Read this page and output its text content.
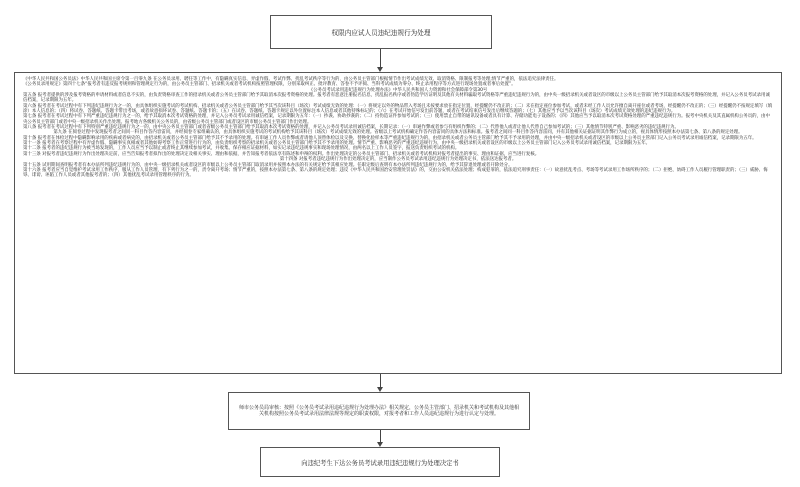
权限内应试人员违纪违规行为处理

《中华人民共和国公务员法》中华人民共和国主席令第一百零九条 在公务员录用、聘任等工作中，有隐瞒真实信息、弄虚作假、考试作弊、扰乱考试秩序等行为的，由公务员主管部门根据情节作出考试成绩无效、取消资格、限制报考等处理;情节严重的，依法追究法律责任。

《公务员录用规定》第四十七条“报考者有违反报考规则和管理规定行为的，由公务员主管部门、招录机关或者考试机构按照管理权限，分别采取纠正、批评教育、答卷不予评阅、当科考试成绩为零分、终止录用程序等方式进行现场处置或者事后处置”。

《公务员考试录用违纪违规行为处理办法》中华人民共和国人力资源和社会保障部令第30号

第五条 报考者提供的涉及报考资格的申请材料或者信息不实的，由负责资格审查工作的招录机关或者公务员主管部门给予其取消本次报考资格的处理。报考者有恶意注册报名信息，扰乱报名秩序或者伪造学历证明及其他有关材料骗取考试资格等严重违纪违规行为的，由中央一级招录机关或者设区的市级以上公务员主管部门给予其取消本次报考资格的处理，并记入公务员考试录用诚信档案，记录期限为五年。

第六条 报考者在考试过程中有下列违纪违规行为之一的，由具体组织实施考试的考试机构、招录机关或者公务员主管部门给予其当次该科目（场次）考试成绩无效的处理：（一）将规定以外的物品带入考场且未按要求放在指定位置，经提醒仍不改正的；（二）未在指定座位参加考试，或者未经工作人员允许擅自离开座位或者考场，经提醒仍不改正的；（三）经提醒仍不按规定填写（填涂）本人信息的；（四）将试卷、答题纸、答题卡带出考场，或者故意损坏试卷、答题纸、答题卡的；（五）在试卷、答题纸、答题卡规定以外位置标注本人信息或者其他特殊标记的；（六）在考试开始信号发出前答题，或者在考试结束信号发出后继续答题的；（七）其他应当予以当次该科目（场次）考试成绩无效处理的违纪违规行为。

第七条 报考者在考试过程中有下列严重违纪违规行为之一的，给予其取消本次考试资格的处理，并记入公务员考试录用诚信档案，记录期限为五年：（一）抄袭、协助抄袭的；（二）持伪造证件参加考试的；（三）使用禁止自带的通讯设备或者具有计算、存储功能电子设备的；（四）其他应当予以取消本次考试资格处理的严重违纪违规行为。报考中央机关及其直属机构公务员的，由中央公务员主管部门或者中央一级招录机关作出处理。报考地方各级机关公务员的，由省级公务员主管部门或者设区的市级公务员主管部门作出处理。

第八条 报考者在考试过程中有下列特别严重违纪违规行为之一的，由中央公务员主管部门或者省级公务员主管部门给予其取消本次考试资格的处理，并记入公务员考试录用诚信档案，长期记录：（一）串通作弊或者参与有组织作弊的；（二）代替他人或者让他人代替自己参加考试的；（三）其他情节特别严重、影响恶劣的违纪违规行为。

第九条 在阅卷过程中发现报考者之间同一科目作答内容雷同，并经阅卷专家组确认的，由具体组织实施考试的考试机构给予其该科目（场次）考试成绩无效的处理。省级以上考试机构确定作答内容雷同的具体方法和标准。报考者之间同一科目作答内容雷同，并有其他相关证据证明其作弊行为成立的，视具体情形按照本办法第七条、第八条的规定处理。

第十条 报考者在体检过程中隐瞒影响录用的疾病或者病史的，由招录机关或者公务员主管部门给予其不予录用的处理。有串通工作人员作弊或者请他人顶替体检以及交换、替换化验样本等严重违纪违规行为的，由招录机关或者公务员主管部门给予其不予录用的处理，并由中央一级招录机关或者设区的市级以上公务员主管部门记入公务员考试录用诚信档案，记录期限为五年。

第十一条 报考者在考察过程中有弄虚作假、隐瞒事实真相或者其他妨碍考察工作正常进行行为的，由负责组织考察的招录机关或者公务员主管部门给予其不予录用的处理。情节严重、影响恶劣的严重违纪违规行为，由中央一级招录机关或者设区的市级以上公务员主管部门记入公务员考试录用诚信档案，记录期限为五年。

第十二条 报考者的违纪违规行为被当场发现的，工作人员应当予以制止或者终止其继续参加考试，并收集、保存相应证据材料，如实记录违纪违规事实和现场处理情况，由两名以上工作人员签字，报送负责组织考试的机构。

第十三条 对报考者违纪违规行为作出处理决定前，应当告知报考者拟作出的处理决定及相关事实、理由和依据，并告知报考者依法享有陈述和申辩的权利。作出处理决定的公务员主管部门、招录机关或者考试机构对报考者提出的事实、理由和证据，应当进行复核。

第十四条 对报考者违纪违规行为作出处理决定的，应当制作公务员考试录用违纪违规行为处理决定书，依法送达报考者。

第十五条 试用期间查明报考者有本办法所列违纪违规行为的，由中央一级招录机关或者设区的市级以上公务员主管部门取消录用并按照本办法的有关规定给予其相应处理。任职定级后查明有本办法所列违纪违规行为的，给予其辞退处理或者开除处分。

第十六条 报考者应当自觉维护考试录用工作秩序，服从工作人员管理，有下列行为之一的，责令离开考场；情节严重的，按照本办法第七条、第八条的规定处理；违反《中华人民共和国治安管理处罚法》的，交由公安机关依法处理；构成犯罪的，依法追究刑事责任：（一）故意扰乱考点、考场等考试录用工作场所秩序的；（二）拒绝、妨碍工作人员履行管理职责的；（三）威胁、侮辱、诽谤、诬陷工作人员或者其他报考者的；（四）其他扰乱考试录用管理秩序的行为。

师市公务员局审核：按照《公务员考试录用违纪违规行为处理办法》相关规定，公务员主管部门、招录机关和考试机构及其他相关机构按照公务员考试录用法律法规等规定的职责权限，对报考者和工作人员违纪违规行为进行认定与处理。
向违纪考生下达公务员考试录用违纪违规行为处理决定书
